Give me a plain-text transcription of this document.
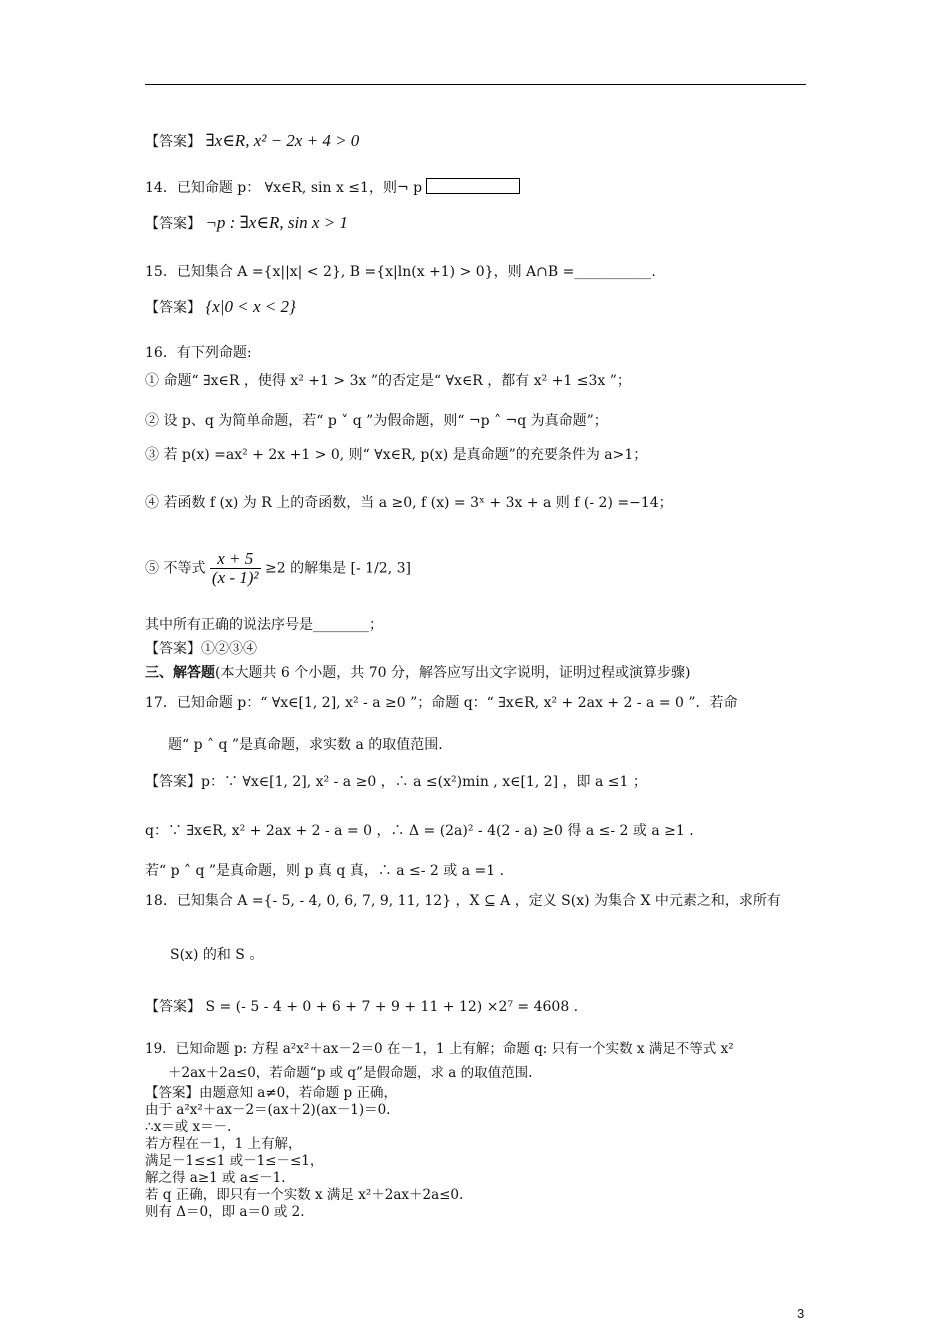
【答案】 ∃x∈R, x² − 2x + 4 > 0
14．已知命题 p： ∀x∈R, sin x ≤1，则¬ p
【答案】 ¬p : ∃x∈R, sin x > 1
15．已知集合 A ={x||x| < 2}, B ={x|ln(x +1) > 0}，则 A∩B =___________.
【答案】 {x|0 < x < 2}
16．有下列命题:
① 命题“ ∃x∈R ，使得 x² +1 > 3x ”的否定是“ ∀x∈R ，都有 x² +1 ≤3x ”；
② 设 p、q 为简单命题，若“ p ˅ q ”为假命题，则“ ¬p ˄ ¬q 为真命题”；
③ 若 p(x) =ax² + 2x +1 > 0, 则“ ∀x∈R, p(x) 是真命题”的充要条件为 a>1；
④ 若函数 f (x) 为 R 上的奇函数，当 a ≥0, f (x) = 3ˣ + 3x + a 则 f (- 2) =−14；
⑤ 不等式 $\frac{x + 5}{\text{(x - 1)²}} \ge 2$ 的解集是 [- 1/2, 3]
其中所有正确的说法序号是________；
【答案】①②③④
三、解答题(本大题共 6 个小题，共 70 分，解答应写出文字说明，证明过程或演算步骤)
17．已知命题 p：“ ∀x∈[1, 2], x² - a ≥0 ”；命题 q：“ ∃x∈R, x² + 2ax + 2 - a = 0 ”．若命
题“ p ˄ q ”是真命题，求实数 a 的取值范围.
【答案】p：∵ ∀x∈[1, 2], x² - a ≥0 ，∴ a ≤(x²)min , x∈[1, 2] ，即 a ≤1 ；
q：∵ ∃x∈R, x² + 2ax + 2 - a = 0 ，∴ Δ = (2a)² - 4(2 - a) ≥0 得 a ≤- 2 或 a ≥1 .
若“ p ˄ q ”是真命题，则 p 真 q 真，∴ a ≤- 2 或 a =1 .
18．已知集合 A ={- 5, - 4, 0, 6, 7, 9, 11, 12} ，X ⊆ A ，定义 S(x) 为集合 X 中元素之和，求所有
S(x) 的和 S 。
【答案】 S = (- 5 - 4 + 0 + 6 + 7 + 9 + 11 + 12) ×2⁷ = 4608 .
19．已知命题 p: 方程 a²x²＋ax－2＝0 在－1，1 上有解；命题 q: 只有一个实数 x 满足不等式 x²
＋2ax＋2a≤0，若命题“p 或 q”是假命题，求 a 的取值范围.
【答案】由题意知 a≠0，若命题 p 正确，
由于 a²x²＋ax－2＝(ax＋2)(ax－1)＝0.
∴x＝或 x＝－.
若方程在－1，1 上有解，
满足－1≤≤1 或－1≤－≤1，
解之得 a≥1 或 a≤－1.
若 q 正确，即只有一个实数 x 满足 x²＋2ax＋2a≤0.
则有 Δ＝0，即 a＝0 或 2.
3
